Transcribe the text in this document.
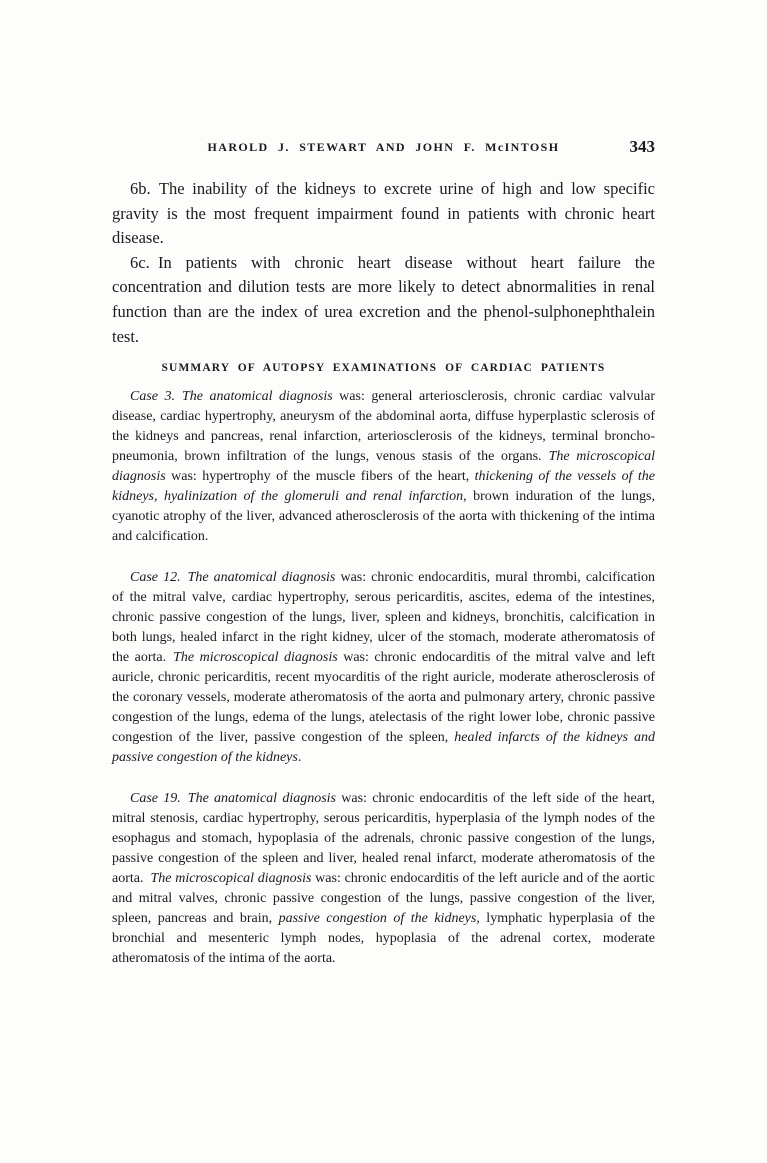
HAROLD J. STEWART AND JOHN F. McINTOSH	343

6b. The inability of the kidneys to excrete urine of high and low specific gravity is the most frequent impairment found in patients with chronic heart disease.

6c. In patients with chronic heart disease without heart failure the concentration and dilution tests are more likely to detect abnormalities in renal function than are the index of urea excretion and the phenol-sulphonephthalein test.

SUMMARY OF AUTOPSY EXAMINATIONS OF CARDIAC PATIENTS

Case 3.  The anatomical diagnosis was: general arteriosclerosis, chronic cardiac valvular disease, cardiac hypertrophy, aneurysm of the abdominal aorta, diffuse hyperplastic sclerosis of the kidneys and pancreas, renal infarction, arteriosclerosis of the kidneys, terminal broncho-pneumonia, brown infiltration of the lungs, venous stasis of the organs. The microscopical diagnosis was: hypertrophy of the muscle fibers of the heart, thickening of the vessels of the kidneys, hyalinization of the glomeruli and renal infarction, brown induration of the lungs, cyanotic atrophy of the liver, advanced atherosclerosis of the aorta with thickening of the intima and calcification.

Case 12.  The anatomical diagnosis was: chronic endocarditis, mural thrombi, calcification of the mitral valve, cardiac hypertrophy, serous pericarditis, ascites, edema of the intestines, chronic passive congestion of the lungs, liver, spleen and kidneys, bronchitis, calcification in both lungs, healed infarct in the right kidney, ulcer of the stomach, moderate atheromatosis of the aorta. The microscopical diagnosis was: chronic endocarditis of the mitral valve and left auricle, chronic pericarditis, recent myocarditis of the right auricle, moderate atherosclerosis of the coronary vessels, moderate atheromatosis of the aorta and pulmonary artery, chronic passive congestion of the lungs, edema of the lungs, atelectasis of the right lower lobe, chronic passive congestion of the liver, passive congestion of the spleen, healed infarcts of the kidneys and passive congestion of the kidneys.

Case 19.  The anatomical diagnosis was: chronic endocarditis of the left side of the heart, mitral stenosis, cardiac hypertrophy, serous pericarditis, hyperplasia of the lymph nodes of the esophagus and stomach, hypoplasia of the adrenals, chronic passive congestion of the lungs, passive congestion of the spleen and liver, healed renal infarct, moderate atheromatosis of the aorta. The microscopical diagnosis was: chronic endocarditis of the left auricle and of the aortic and mitral valves, chronic passive congestion of the lungs, passive congestion of the liver, spleen, pancreas and brain, passive congestion of the kidneys, lymphatic hyperplasia of the bronchial and mesenteric lymph nodes, hypoplasia of the adrenal cortex, moderate atheromatosis of the intima of the aorta.
